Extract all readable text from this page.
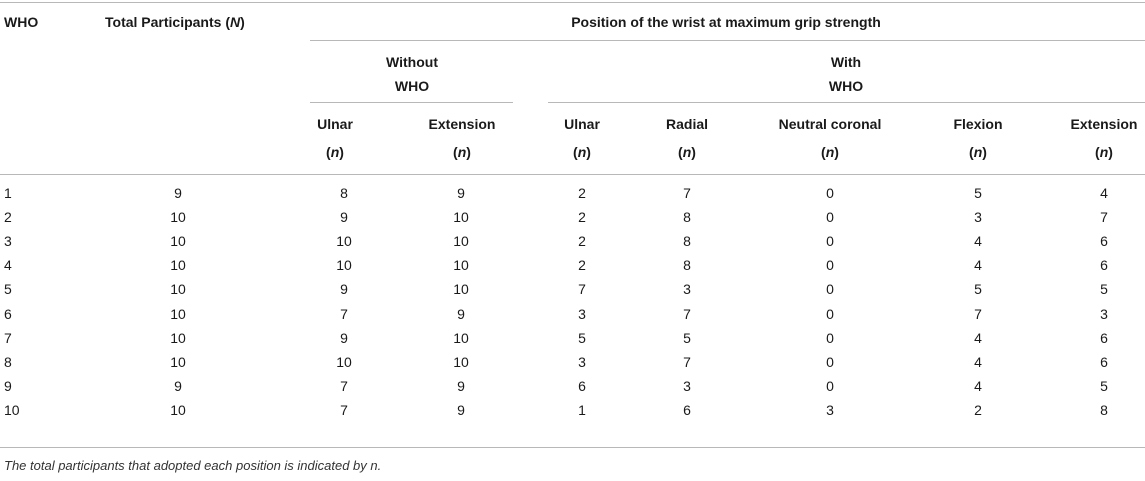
WHO	Total Participants (N)	Position of the wrist at maximum grip strength
Without
WHO
With
WHO
Ulnar	Extension	Ulnar	Radial	Neutral coronal	Flexion	Extension
(n)	(n)	(n)	(n)	(n)	(n)	(n)
1	9	8	9	2	7	0	5	4
2	10	9	10	2	8	0	3	7
3	10	10	10	2	8	0	4	6
4	10	10	10	2	8	0	4	6
5	10	9	10	7	3	0	5	5
6	10	7	9	3	7	0	7	3
7	10	9	10	5	5	0	4	6
8	10	10	10	3	7	0	4	6
9	9	7	9	6	3	0	4	5
10	10	7	9	1	6	3	2	8
The total participants that adopted each position is indicated by n.
